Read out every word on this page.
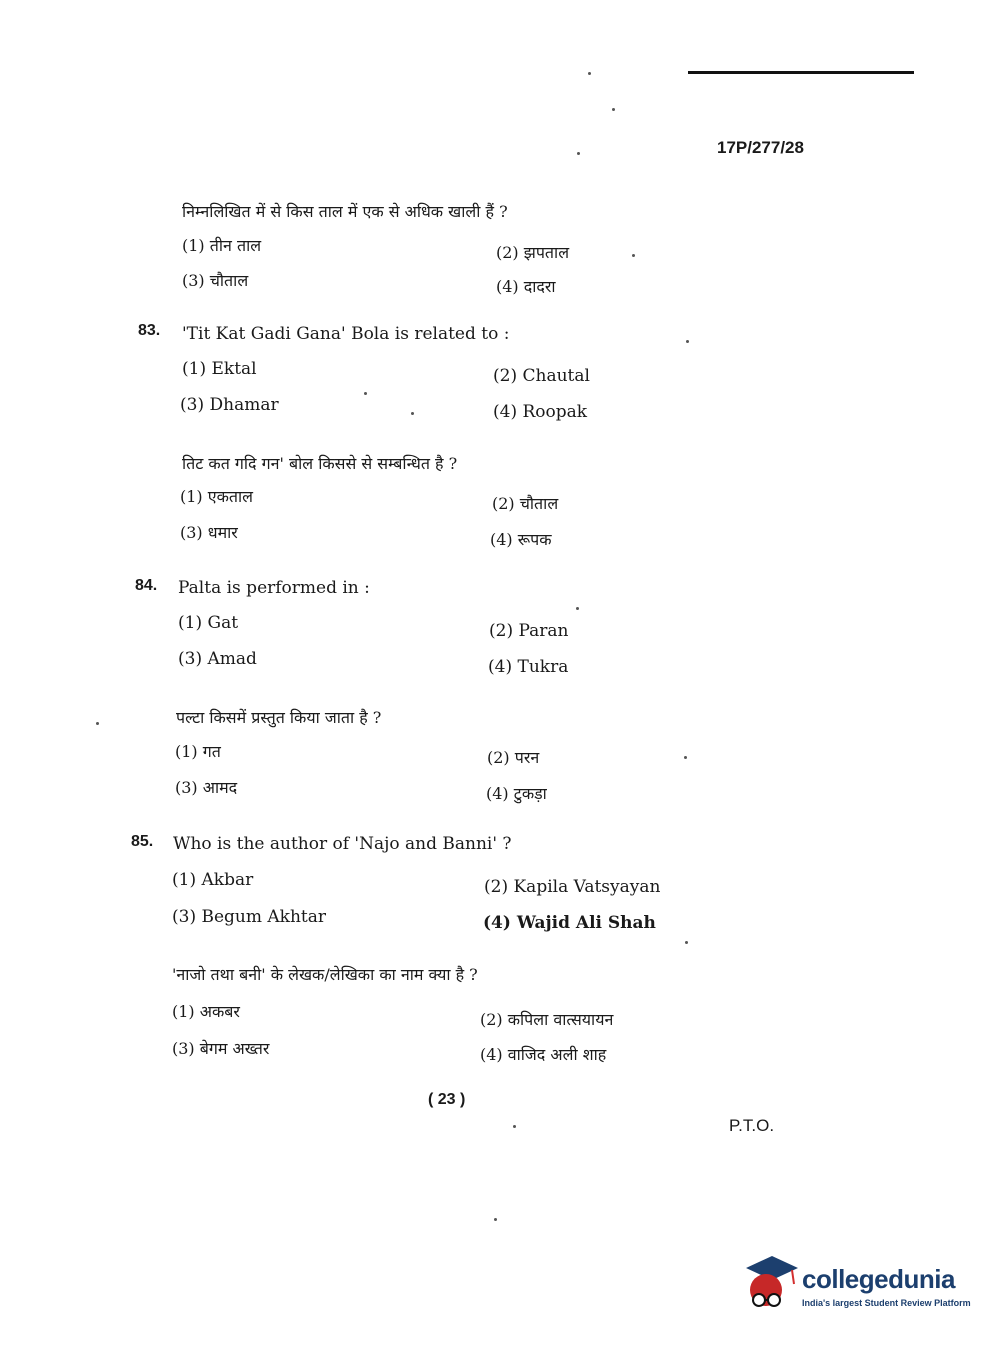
17P/277/28
निम्नलिखित में से किस ताल में एक से अधिक खाली हैं ?
(1) तीन ताल	(2) झपताल
(3) चौताल	(4) दादरा
83. 'Tit Kat Gadi Gana' Bola is related to :
(1) Ektal	(2) Chautal
(3) Dhamar	(4) Roopak
तिट कत गदि गन' बोल किससे से सम्बन्धित है ?
(1) एकताल	(2) चौताल
(3) धमार	(4) रूपक
84. Palta is performed in :
(1) Gat	(2) Paran
(3) Amad	(4) Tukra
पल्टा किसमें प्रस्तुत किया जाता है ?
(1) गत	(2) परन
(3) आमद	(4) टुकड़ा
85. Who is the author of 'Najo and Banni' ?
(1) Akbar	(2) Kapila Vatsyayan
(3) Begum Akhtar	(4) Wajid Ali Shah
'नाजो तथा बनी' के लेखक/लेखिका का नाम क्या है ?
(1) अकबर	(2) कपिला वात्सयायन
(3) बेगम अख्तर	(4) वाजिद अली शाह
( 23 )
P.T.O.
collegedunia
India's largest Student Review Platform
